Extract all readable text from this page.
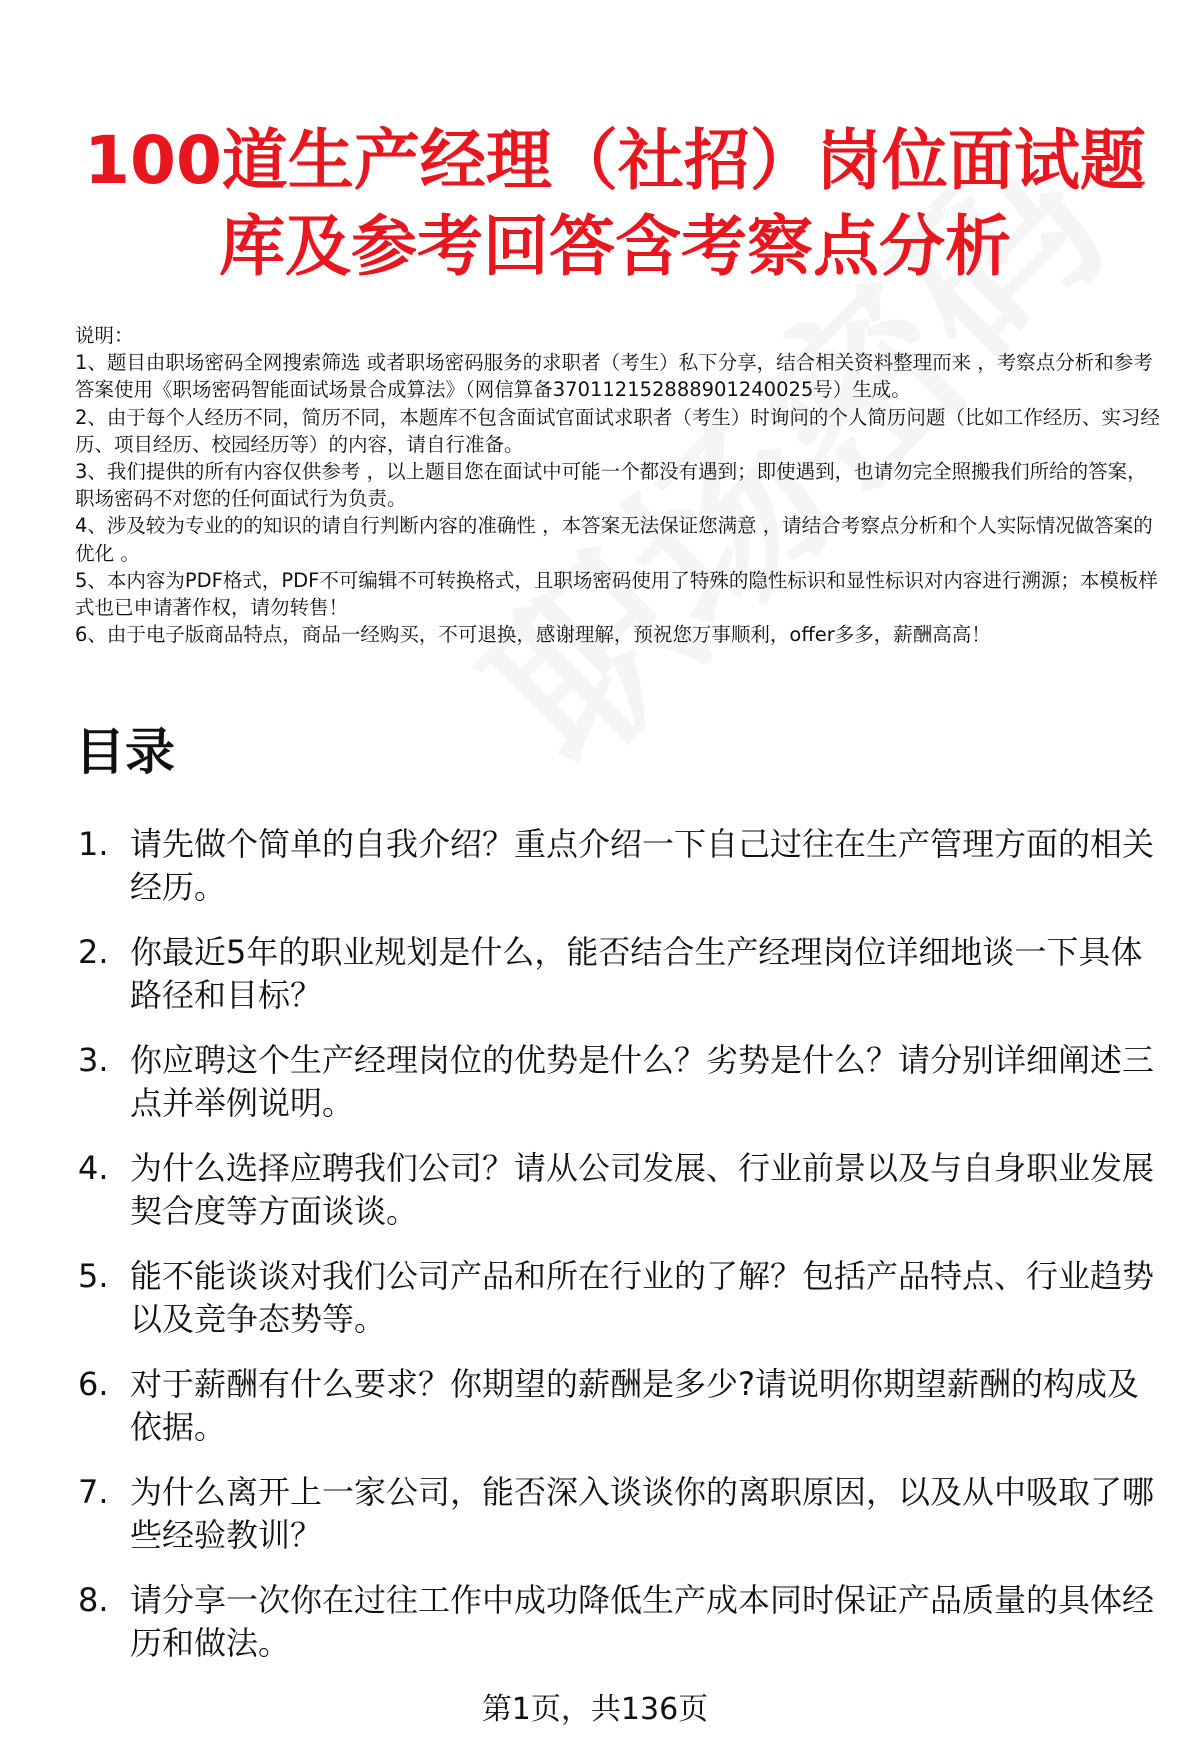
100道生产经理（社招）岗位面试题
库及参考回答含考察点分析

说明：

1、题目由职场密码全网搜索筛选 或者职场密码服务的求职者（考生）私下分享，结合相关资料整理而来 ，考察点分析和参考答案使用《职场密码智能面试场景合成算法》（网信算备370112152888901240025号）生成。

2、由于每个人经历不同，简历不同，本题库不包含面试官面试求职者（考生）时询问的个人简历问题（比如工作经历、实习经历、项目经历、校园经历等）的内容，请自行准备。

3、我们提供的所有内容仅供参考 ，以上题目您在面试中可能一个都没有遇到；即使遇到，也请勿完全照搬我们所给的答案，职场密码不对您的任何面试行为负责。

4、涉及较为专业的的知识的请自行判断内容的准确性 ，本答案无法保证您满意 ，请结合考察点分析和个人实际情况做答案的优化 。

5、本内容为PDF格式，PDF不可编辑不可转换格式，且职场密码使用了特殊的隐性标识和显性标识对内容进行溯源；本模板样式也已申请著作权，请勿转售！

6、由于电子版商品特点，商品一经购买，不可退换，感谢理解，预祝您万事顺利，offer多多，薪酬高高！

目录
1. 请先做个简单的自我介绍？重点介绍一下自己过往在生产管理方面的相关经历。
2. 你最近5年的职业规划是什么，能否结合生产经理岗位详细地谈一下具体路径和目标？
3. 你应聘这个生产经理岗位的优势是什么？劣势是什么？请分别详细阐述三点并举例说明。
4. 为什么选择应聘我们公司？请从公司发展、行业前景以及与自身职业发展契合度等方面谈谈。
5. 能不能谈谈对我们公司产品和所在行业的了解？包括产品特点、行业趋势以及竞争态势等。
6. 对于薪酬有什么要求？你期望的薪酬是多少?请说明你期望薪酬的构成及依据。
7. 为什么离开上一家公司，能否深入谈谈你的离职原因，以及从中吸取了哪些经验教训？
8. 请分享一次你在过往工作中成功降低生产成本同时保证产品质量的具体经历和做法。
第1页，共136页
